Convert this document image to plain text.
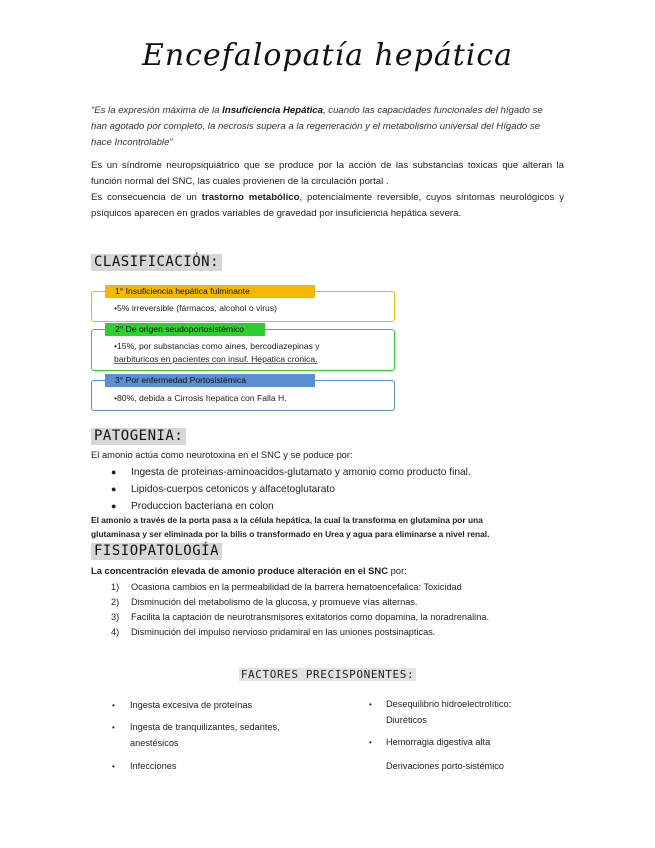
Encefalopatía hepática
“Es la expresión máxima de la Insuficiencia Hepática, cuando las capacidades funcionales del hígado se han agotado por completo, la necrosis supera a la regeneración y el metabolismo universal del Hígado se hace Incontrolable”

Es un síndrome neuropsiquiátrico que se produce por la acción de las substancias toxicas que alteran la función normal del SNC, las cuales provienen de la circulación portal .

Es consecuencia de un trastorno metabólico, potencialmente reversible, cuyos síntomas neurológicos y psíquicos aparecen en grados variables de gravedad por insuficiencia hepática severa.

CLASIFICACIÓN:
1° Insuficiencia hepática fulminante
•5% irreversible (fármacos, alcohol o virus)
2° De origen seudoportosistémico
•15%, por substancias como aines, bercodiazepinas y
barbituricos en pacientes con insuf. Hepatica cronica.
3° Por enfermedad Portosistémica
•80%, debida a Cirrosis hepatica con Falla H.
PATOGENIA:
El amonio actúa como neurotoxina en el SNC y se poduce por:
● Ingesta de proteinas-aminoacidos-glutamato y amonio como producto final.
● Lipidos-cuerpos cetonicos y alfacetoglutarato
● Produccion bacteriana en colon
El amonio a través de la porta pasa a la célula hepática, la cual la transforma en glutamina por una
glutaminasa y ser eliminada por la bilis o transformado en Urea y agua para eliminarse a nivel renal.
FISIOPATOLOGÍA
La concentración elevada de amonio produce alteración en el SNC por:
1) Ocasiona cambios en la permeabilidad de la barrera hematoencefalica: Toxicidad
2) Disminución del metabolismo de la glucosa, y promueve vías alternas.
3) Facilita la captación de neurotransmisores exitatorios como dopamina, la noradrenalina.
4) Disminución del impulso nervioso pridamiral en las uniones postsinapticas.
FACTORES PRECISPONENTES:
• Ingesta excesiva de proteínas
• Ingesta de tranquilizantes, sedantes,
anestésicos
• Infecciones
• Desequilibrio hidroelectrolítico:
Diuréticos
• Hemorragia digestiva alta
Derivaciones porto-sistémico
